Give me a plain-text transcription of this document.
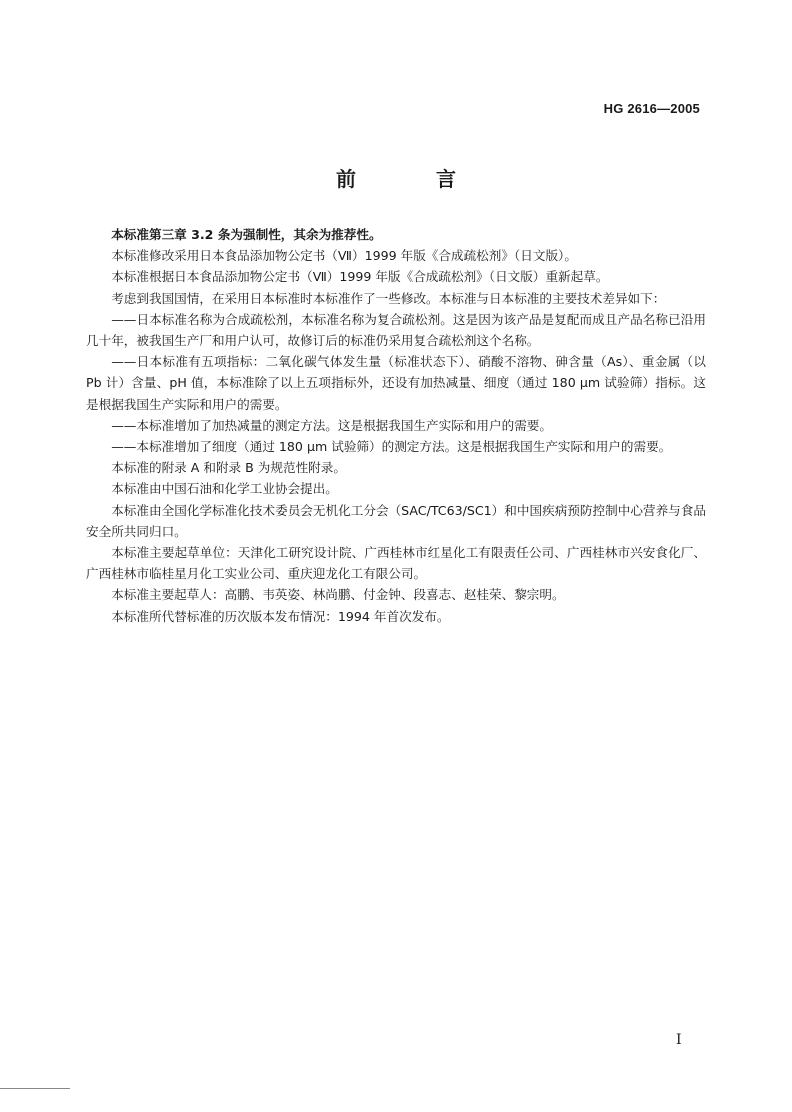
HG 2616—2005
前　言

本标准第三章 3.2 条为强制性，其余为推荐性。

本标准修改采用日本食品添加物公定书（Ⅶ）1999 年版《合成疏松剂》（日文版）。

本标准根据日本食品添加物公定书（Ⅶ）1999 年版《合成疏松剂》（日文版）重新起草。

考虑到我国国情，在采用日本标准时本标准作了一些修改。本标准与日本标准的主要技术差异如下：

——日本标准名称为合成疏松剂，本标准名称为复合疏松剂。这是因为该产品是复配而成且产品名称已沿用几十年，被我国生产厂和用户认可，故修订后的标准仍采用复合疏松剂这个名称。

——日本标准有五项指标：二氧化碳气体发生量（标准状态下）、硝酸不溶物、砷含量（As）、重金属（以 Pb 计）含量、pH 值，本标准除了以上五项指标外，还设有加热减量、细度（通过 180 μm 试验筛）指标。这是根据我国生产实际和用户的需要。

——本标准增加了加热减量的测定方法。这是根据我国生产实际和用户的需要。

——本标准增加了细度（通过 180 μm 试验筛）的测定方法。这是根据我国生产实际和用户的需要。

本标准的附录 A 和附录 B 为规范性附录。

本标准由中国石油和化学工业协会提出。

本标准由全国化学标准化技术委员会无机化工分会（SAC/TC63/SC1）和中国疾病预防控制中心营养与食品安全所共同归口。

本标准主要起草单位：天津化工研究设计院、广西桂林市红星化工有限责任公司、广西桂林市兴安食化厂、广西桂林市临桂星月化工实业公司、重庆迎龙化工有限公司。

本标准主要起草人：高鹏、韦英姿、林尚鹏、付金钟、段喜志、赵桂荣、黎宗明。

本标准所代替标准的历次版本发布情况：1994 年首次发布。

I
